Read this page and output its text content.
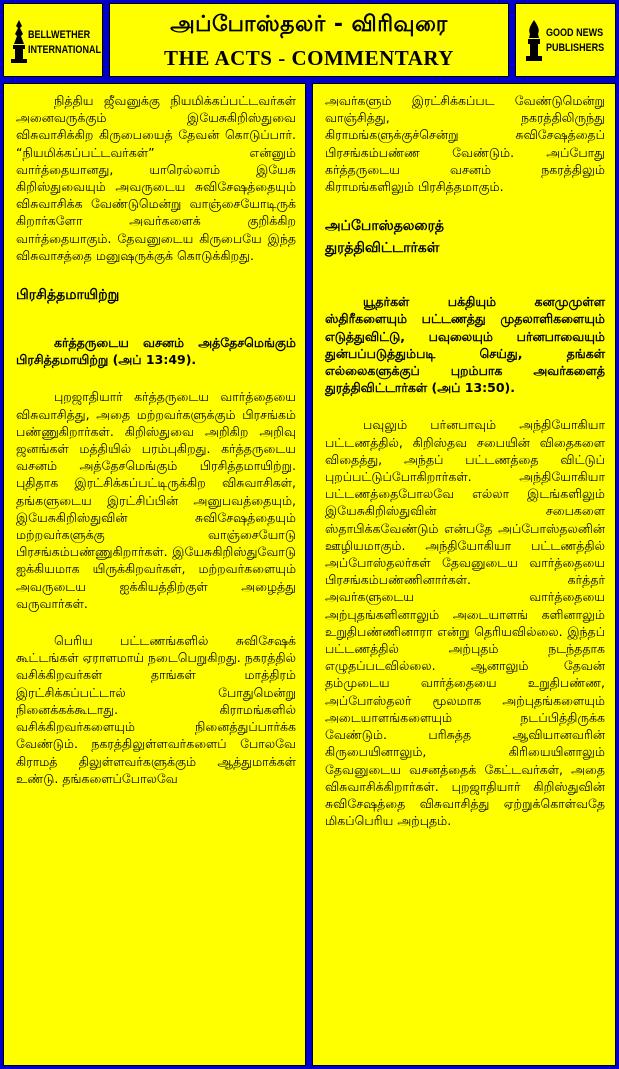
BELLWETHER
INTERNATIONAL
அப்போஸ்தலர் - விரிவுரை
THE ACTS - COMMENTARY
GOOD NEWS
PUBLISHERS

நித்திய ஜீவனுக்கு நியமிக்கப்பட்டவர்கள் அனைவருக்கும் இயேசுகிறிஸ்துவை விசுவாசிக்கிற கிருபையைத் தேவன் கொடுப்பார். “நியமிக்கப்பட்டவர்கள்” என்னும் வார்த்தையானது, யாரெல்லாம் இயேசு கிறிஸ்துவையும் அவருடைய சுவிசேஷத்தையும் விசுவாசிக்க வேண்டுமென்று வாஞ்சையோடிருக் கிறார்களோ அவர்களைக் குறிக்கிற வார்த்தையாகும். தேவனுடைய கிருபையே இந்த விசுவாசத்தை மனுஷருக்குக் கொடுக்கிறது.

பிரசித்தமாயிற்று

கர்த்தருடைய வசனம் அத்தேசமெங்கும் பிரசித்தமாயிற்று (அப் 13:49).

புறஜாதியார் கர்த்தருடைய வார்த்தையை விசுவாசித்து, அதை மற்றவர்களுக்கும் பிரசங்கம் பண்ணுகிறார்கள். கிறிஸ்துவை அறிகிற அறிவு ஜனங்கள் மத்தியில் பரம்புகிறது. கர்த்தருடைய வசனம் அத்தேசமெங்கும் பிரசித்தமாயிற்று. புதிதாக இரட்சிக்கப்பட்டிருக்கிற விசுவாசிகள், தங்களுடைய இரட்சிப்பின் அனுபவத்தையும், இயேசுகிறிஸ்துவின் சுவிசேஷத்தையும் மற்றவர்களுக்கு வாஞ்சையோடு பிரசங்கம்பண்ணுகிறார்கள். இயேசுகிறிஸ்துவோடு ஐக்கியமாக யிருக்கிறவர்கள், மற்றவர்களையும் அவருடைய ஐக்கியத்திற்குள் அழைத்து வருவார்கள்.

பெரிய பட்டணங்களில் சுவிசேஷக் கூட்டங்கள் ஏராளமாய் நடைபெறுகிறது. நகரத்தில் வசிக்கிறவர்கள் தாங்கள் மாத்திரம் இரட்சிக்கப்பட்டால் போதுமென்று நினைக்கக்கூடாது. கிராமங்களில் வசிக்கிறவர்களையும் நினைத்துப்பார்க்க வேண்டும். நகரத்திலுள்ளவர்களைப் போலவே கிராமத் திலுள்ளவர்களுக்கும் ஆத்துமாக்கள் உண்டு. தங்களைப்போலவே

அவர்களும் இரட்சிக்கப்பட வேண்டுமென்று வாஞ்சித்து, நகரத்திலிருந்து கிராமங்களுக்குச்சென்று சுவிசேஷத்தைப் பிரசங்கம்பண்ண வேண்டும். அப்போது கர்த்தருடைய வசனம் நகரத்திலும் கிராமங்களிலும் பிரசித்தமாகும்.

அப்போஸ்தலரைத் துரத்திவிட்டார்கள்

யூதர்கள் பக்தியும் கனமுமுள்ள ஸ்திரீகளையும் பட்டணத்து முதலாளிகளையும் எடுத்துவிட்டு, பவுலையும் பர்னபாவையும் துன்பப்படுத்தும்படி செய்து, தங்கள் எல்லைகளுக்குப் புறம்பாக அவர்களைத் துரத்திவிட்டார்கள் (அப் 13:50).

பவுலும் பர்னபாவும் அந்தியோகியா பட்டணத்தில், கிறிஸ்தவ சபையின் விதைகளை விதைத்து, அந்தப் பட்டணத்தை விட்டுப் புறப்பட்டுப்போகிறார்கள். அந்தியோகியா பட்டணத்தைபோலவே எல்லா இடங்களிலும் இயேசுகிறிஸ்துவின் சபைகளை ஸ்தாபிக்கவேண்டும் என்பதே அப்போஸ்தலனின் ஊழியமாகும். அந்தியோகியா பட்டணத்தில் அப்போஸ்தலர்கள் தேவனுடைய வார்த்தையை பிரசங்கம்பண்ணினார்கள். கர்த்தர் அவர்களுடைய வார்த்தையை அற்புதங்களினாலும் அடையாளங் களினாலும் உறுதிபண்ணினாரா என்று தெரியவில்லை. இந்தப் பட்டணத்தில் அற்புதம் நடந்ததாக எழுதப்படவில்லை. ஆனாலும் தேவன் தம்முடைய வார்த்தையை உறுதிபண்ண, அப்போஸ்தலர் மூலமாக அற்புதங்களையும் அடையாளங்களையும் நடப்பித்திருக்க வேண்டும். பரிசுத்த ஆவியானவரின் கிருபையினாலும், கிரியையினாலும் தேவனுடைய வசனத்தைக் கேட்டவர்கள், அதை விசுவாசிக்கிறார்கள். புறஜாதியார் கிறிஸ்துவின் சுவிசேஷத்தை விசுவாசித்து ஏற்றுக்கொள்வதே மிகப்பெரிய அற்புதம்.
